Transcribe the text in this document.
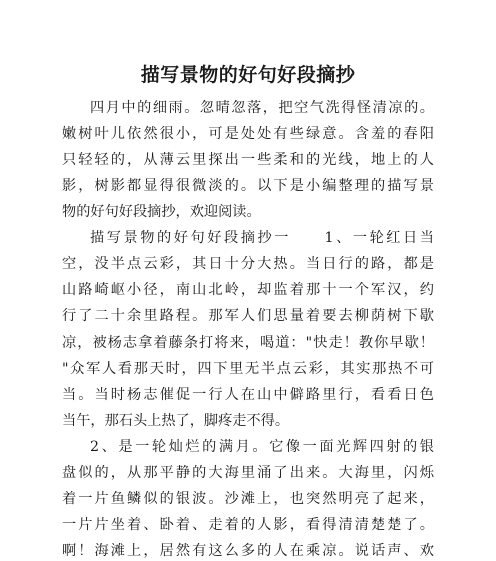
描写景物的好句好段摘抄
四月中的细雨。忽晴忽落，把空气洗得怪清凉的。
嫩树叶儿依然很小，可是处处有些绿意。含羞的春阳
只轻轻的，从薄云里探出一些柔和的光线，地上的人
影，树影都显得很微淡的。以下是小编整理的描写景
物的好句好段摘抄，欢迎阅读。
描写景物的好句好段摘抄一　　1、一轮红日当
空，没半点云彩，其日十分大热。当日行的路，都是
山路崎岖小径，南山北岭，却监着那十一个军汉，约
行了二十余里路程。那军人们思量着要去柳荫树下歇
凉，被杨志拿着藤条打将来，喝道："快走！教你早歇！
"众军人看那天时，四下里无半点云彩，其实那热不可
当。当时杨志催促一行人在山中僻路里行，看看日色
当午，那石头上热了，脚疼走不得。
2、是一轮灿烂的满月。它像一面光辉四射的银
盘似的，从那平静的大海里涌了出来。大海里，闪烁
着一片鱼鳞似的银波。沙滩上，也突然明亮了起来，
一片片坐着、卧着、走着的人影，看得清清楚楚了。
啊！海滩上，居然有这么多的人在乘凉。说话声、欢
